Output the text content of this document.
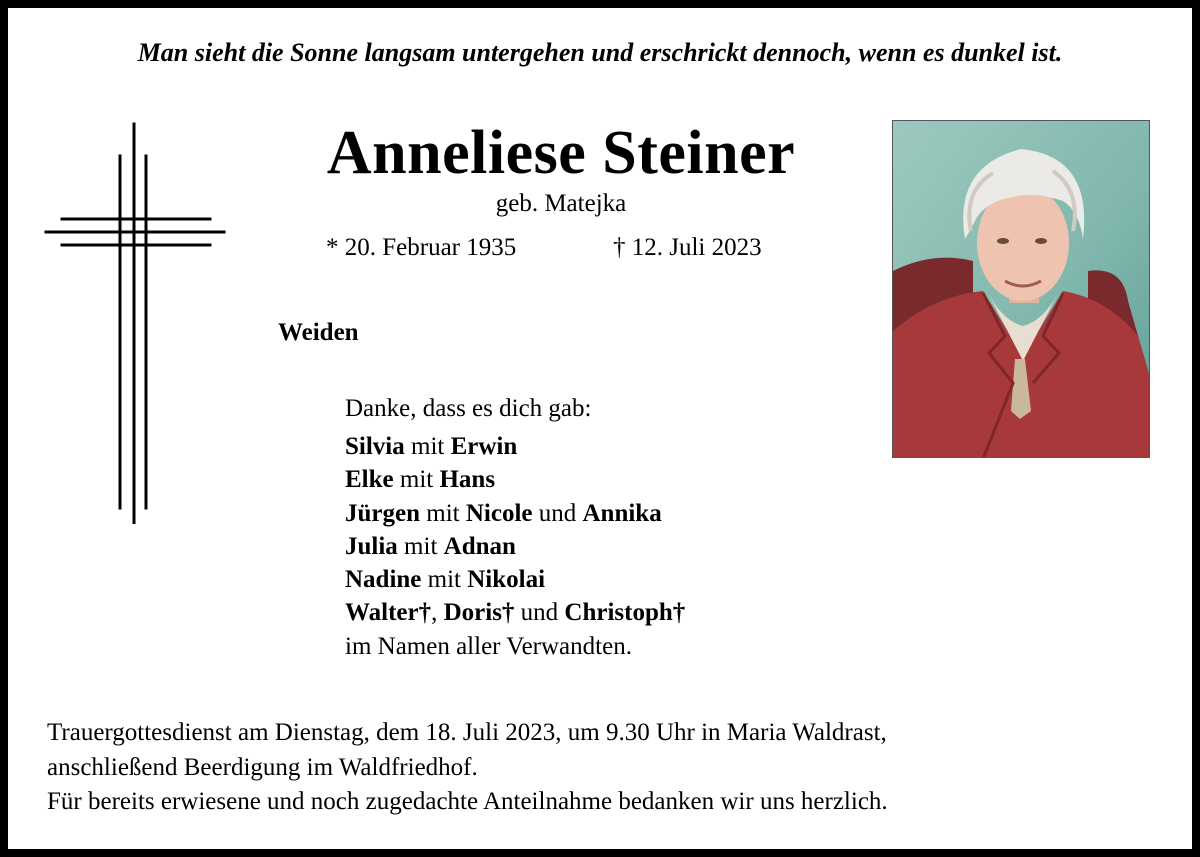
Man sieht die Sonne langsam untergehen und erschrickt dennoch, wenn es dunkel ist.
Anneliese Steiner
geb. Matejka
* 20. Februar 1935	† 12. Juli 2023
Weiden
Danke, dass es dich gab:
Silvia mit Erwin
Elke mit Hans
Jürgen mit Nicole und Annika
Julia mit Adnan
Nadine mit Nikolai
Walter†, Doris† und Christoph†
im Namen aller Verwandten.
Trauergottesdienst am Dienstag, dem 18. Juli 2023, um 9.30 Uhr in Maria Waldrast,
anschließend Beerdigung im Waldfriedhof.
Für bereits erwiesene und noch zugedachte Anteilnahme bedanken wir uns herzlich.
